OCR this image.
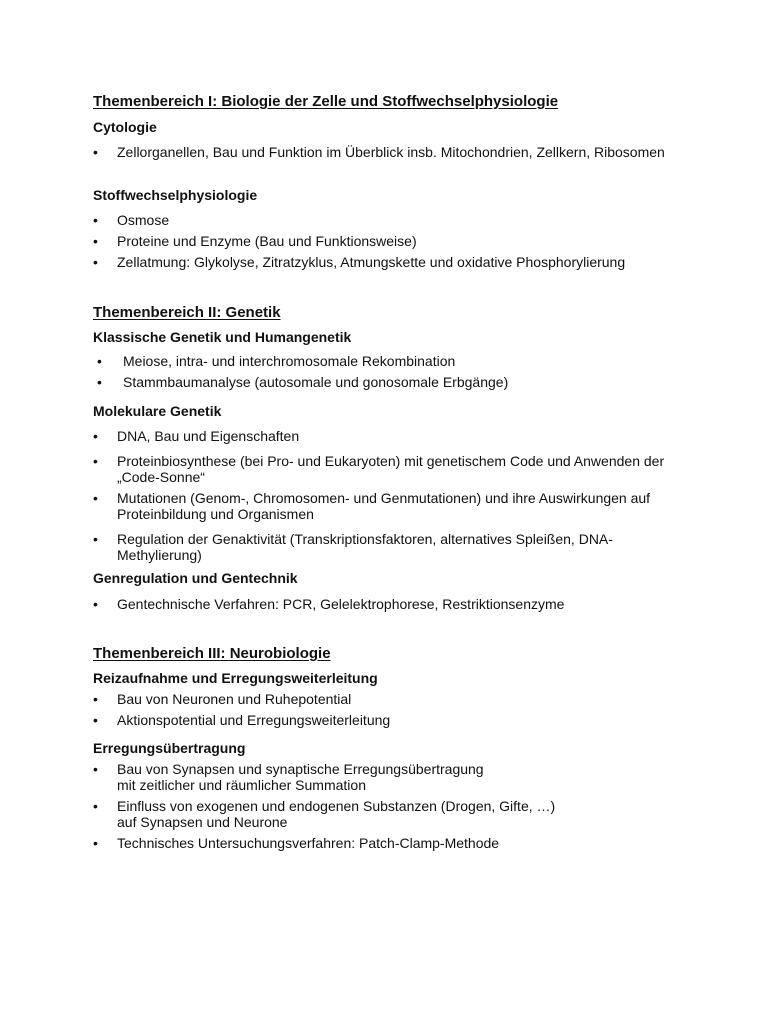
Themenbereich I: Biologie der Zelle und Stoffwechselphysiologie
Cytologie
• Zellorganellen, Bau und Funktion im Überblick insb. Mitochondrien, Zellkern, Ribosomen
Stoffwechselphysiologie
• Osmose
• Proteine und Enzyme (Bau und Funktionsweise)
• Zellatmung: Glykolyse, Zitratzyklus, Atmungskette und oxidative Phosphorylierung
Themenbereich II: Genetik
Klassische Genetik und Humangenetik
• Meiose, intra- und interchromosomale Rekombination
• Stammbaumanalyse (autosomale und gonosomale Erbgänge)
Molekulare Genetik
• DNA, Bau und Eigenschaften
• Proteinbiosynthese (bei Pro- und Eukaryoten) mit genetischem Code und Anwenden der
„Code-Sonne“
• Mutationen (Genom-, Chromosomen- und Genmutationen) und ihre Auswirkungen auf
Proteinbildung und Organismen
• Regulation der Genaktivität (Transkriptionsfaktoren, alternatives Spleißen, DNA-
Methylierung)
Genregulation und Gentechnik
• Gentechnische Verfahren: PCR, Gelelektrophorese, Restriktionsenzyme
Themenbereich III: Neurobiologie
Reizaufnahme und Erregungsweiterleitung
• Bau von Neuronen und Ruhepotential
• Aktionspotential und Erregungsweiterleitung
Erregungsübertragung
• Bau von Synapsen und synaptische Erregungsübertragung
mit zeitlicher und räumlicher Summation
• Einfluss von exogenen und endogenen Substanzen (Drogen, Gifte, …)
auf Synapsen und Neurone
• Technisches Untersuchungsverfahren: Patch-Clamp-Methode
